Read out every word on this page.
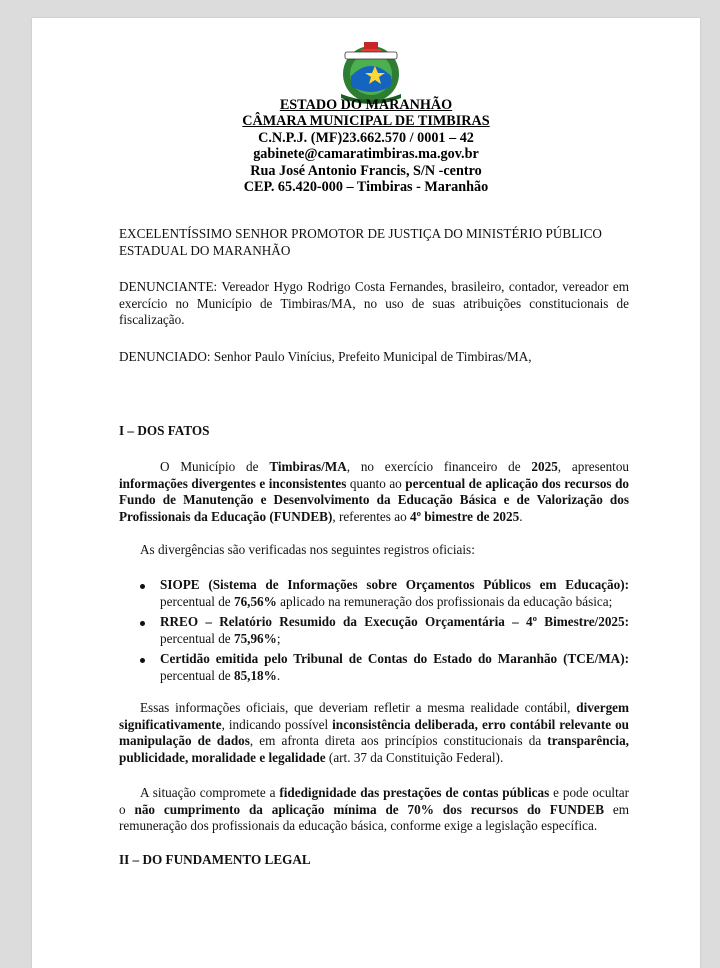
ESTADO DO MARANHÃO
CÂMARA MUNICIPAL DE TIMBIRAS
C.N.P.J. (MF)23.662.570 / 0001 – 42
gabinete@camaratimbiras.ma.gov.br
Rua José Antonio Francis, S/N -centro
CEP. 65.420-000 – Timbiras - Maranhão
EXCELENTÍSSIMO SENHOR PROMOTOR DE JUSTIÇA DO MINISTÉRIO PÚBLICO
ESTADUAL DO MARANHÃO
DENUNCIANTE: Vereador Hygo Rodrigo Costa Fernandes, brasileiro, contador, vereador em exercício no Município de Timbiras/MA, no uso de suas atribuições constitucionais de fiscalização.
DENUNCIADO: Senhor Paulo Vinícius, Prefeito Municipal de Timbiras/MA,
I – DOS FATOS
O Município de Timbiras/MA, no exercício financeiro de 2025, apresentou informações divergentes e inconsistentes quanto ao percentual de aplicação dos recursos do Fundo de Manutenção e Desenvolvimento da Educação Básica e de Valorização dos Profissionais da Educação (FUNDEB), referentes ao 4º bimestre de 2025.
As divergências são verificadas nos seguintes registros oficiais:
SIOPE (Sistema de Informações sobre Orçamentos Públicos em Educação): percentual de 76,56% aplicado na remuneração dos profissionais da educação básica;
RREO – Relatório Resumido da Execução Orçamentária – 4º Bimestre/2025: percentual de 75,96%;
Certidão emitida pelo Tribunal de Contas do Estado do Maranhão (TCE/MA): percentual de 85,18%.
Essas informações oficiais, que deveriam refletir a mesma realidade contábil, divergem significativamente, indicando possível inconsistência deliberada, erro contábil relevante ou manipulação de dados, em afronta direta aos princípios constitucionais da transparência, publicidade, moralidade e legalidade (art. 37 da Constituição Federal).
A situação compromete a fidedignidade das prestações de contas públicas e pode ocultar o não cumprimento da aplicação mínima de 70% dos recursos do FUNDEB em remuneração dos profissionais da educação básica, conforme exige a legislação específica.
II – DO FUNDAMENTO LEGAL
